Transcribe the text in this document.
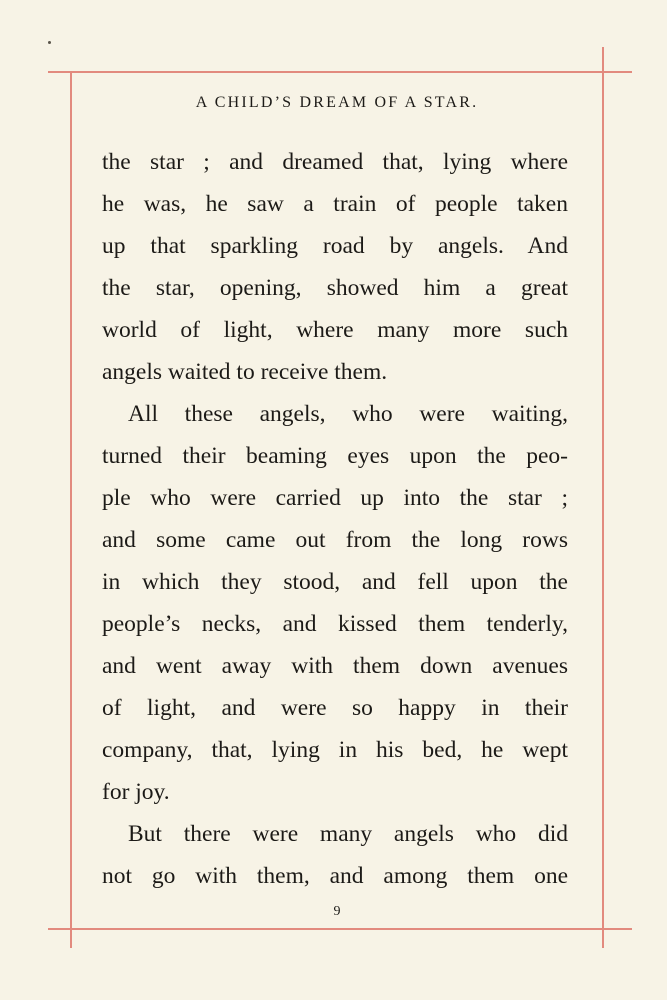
A CHILD’S DREAM OF A STAR.
the star ; and dreamed that, lying where
he was, he saw a train of people taken
up that sparkling road by angels. And
the star, opening, showed him a great
world of light, where many more such
angels waited to receive them.
All these angels, who were waiting,
turned their beaming eyes upon the peo-
ple who were carried up into the star ;
and some came out from the long rows
in which they stood, and fell upon the
people’s necks, and kissed them tenderly,
and went away with them down avenues
of light, and were so happy in their
company, that, lying in his bed, he wept
for joy.
But there were many angels who did
not go with them, and among them one
9
